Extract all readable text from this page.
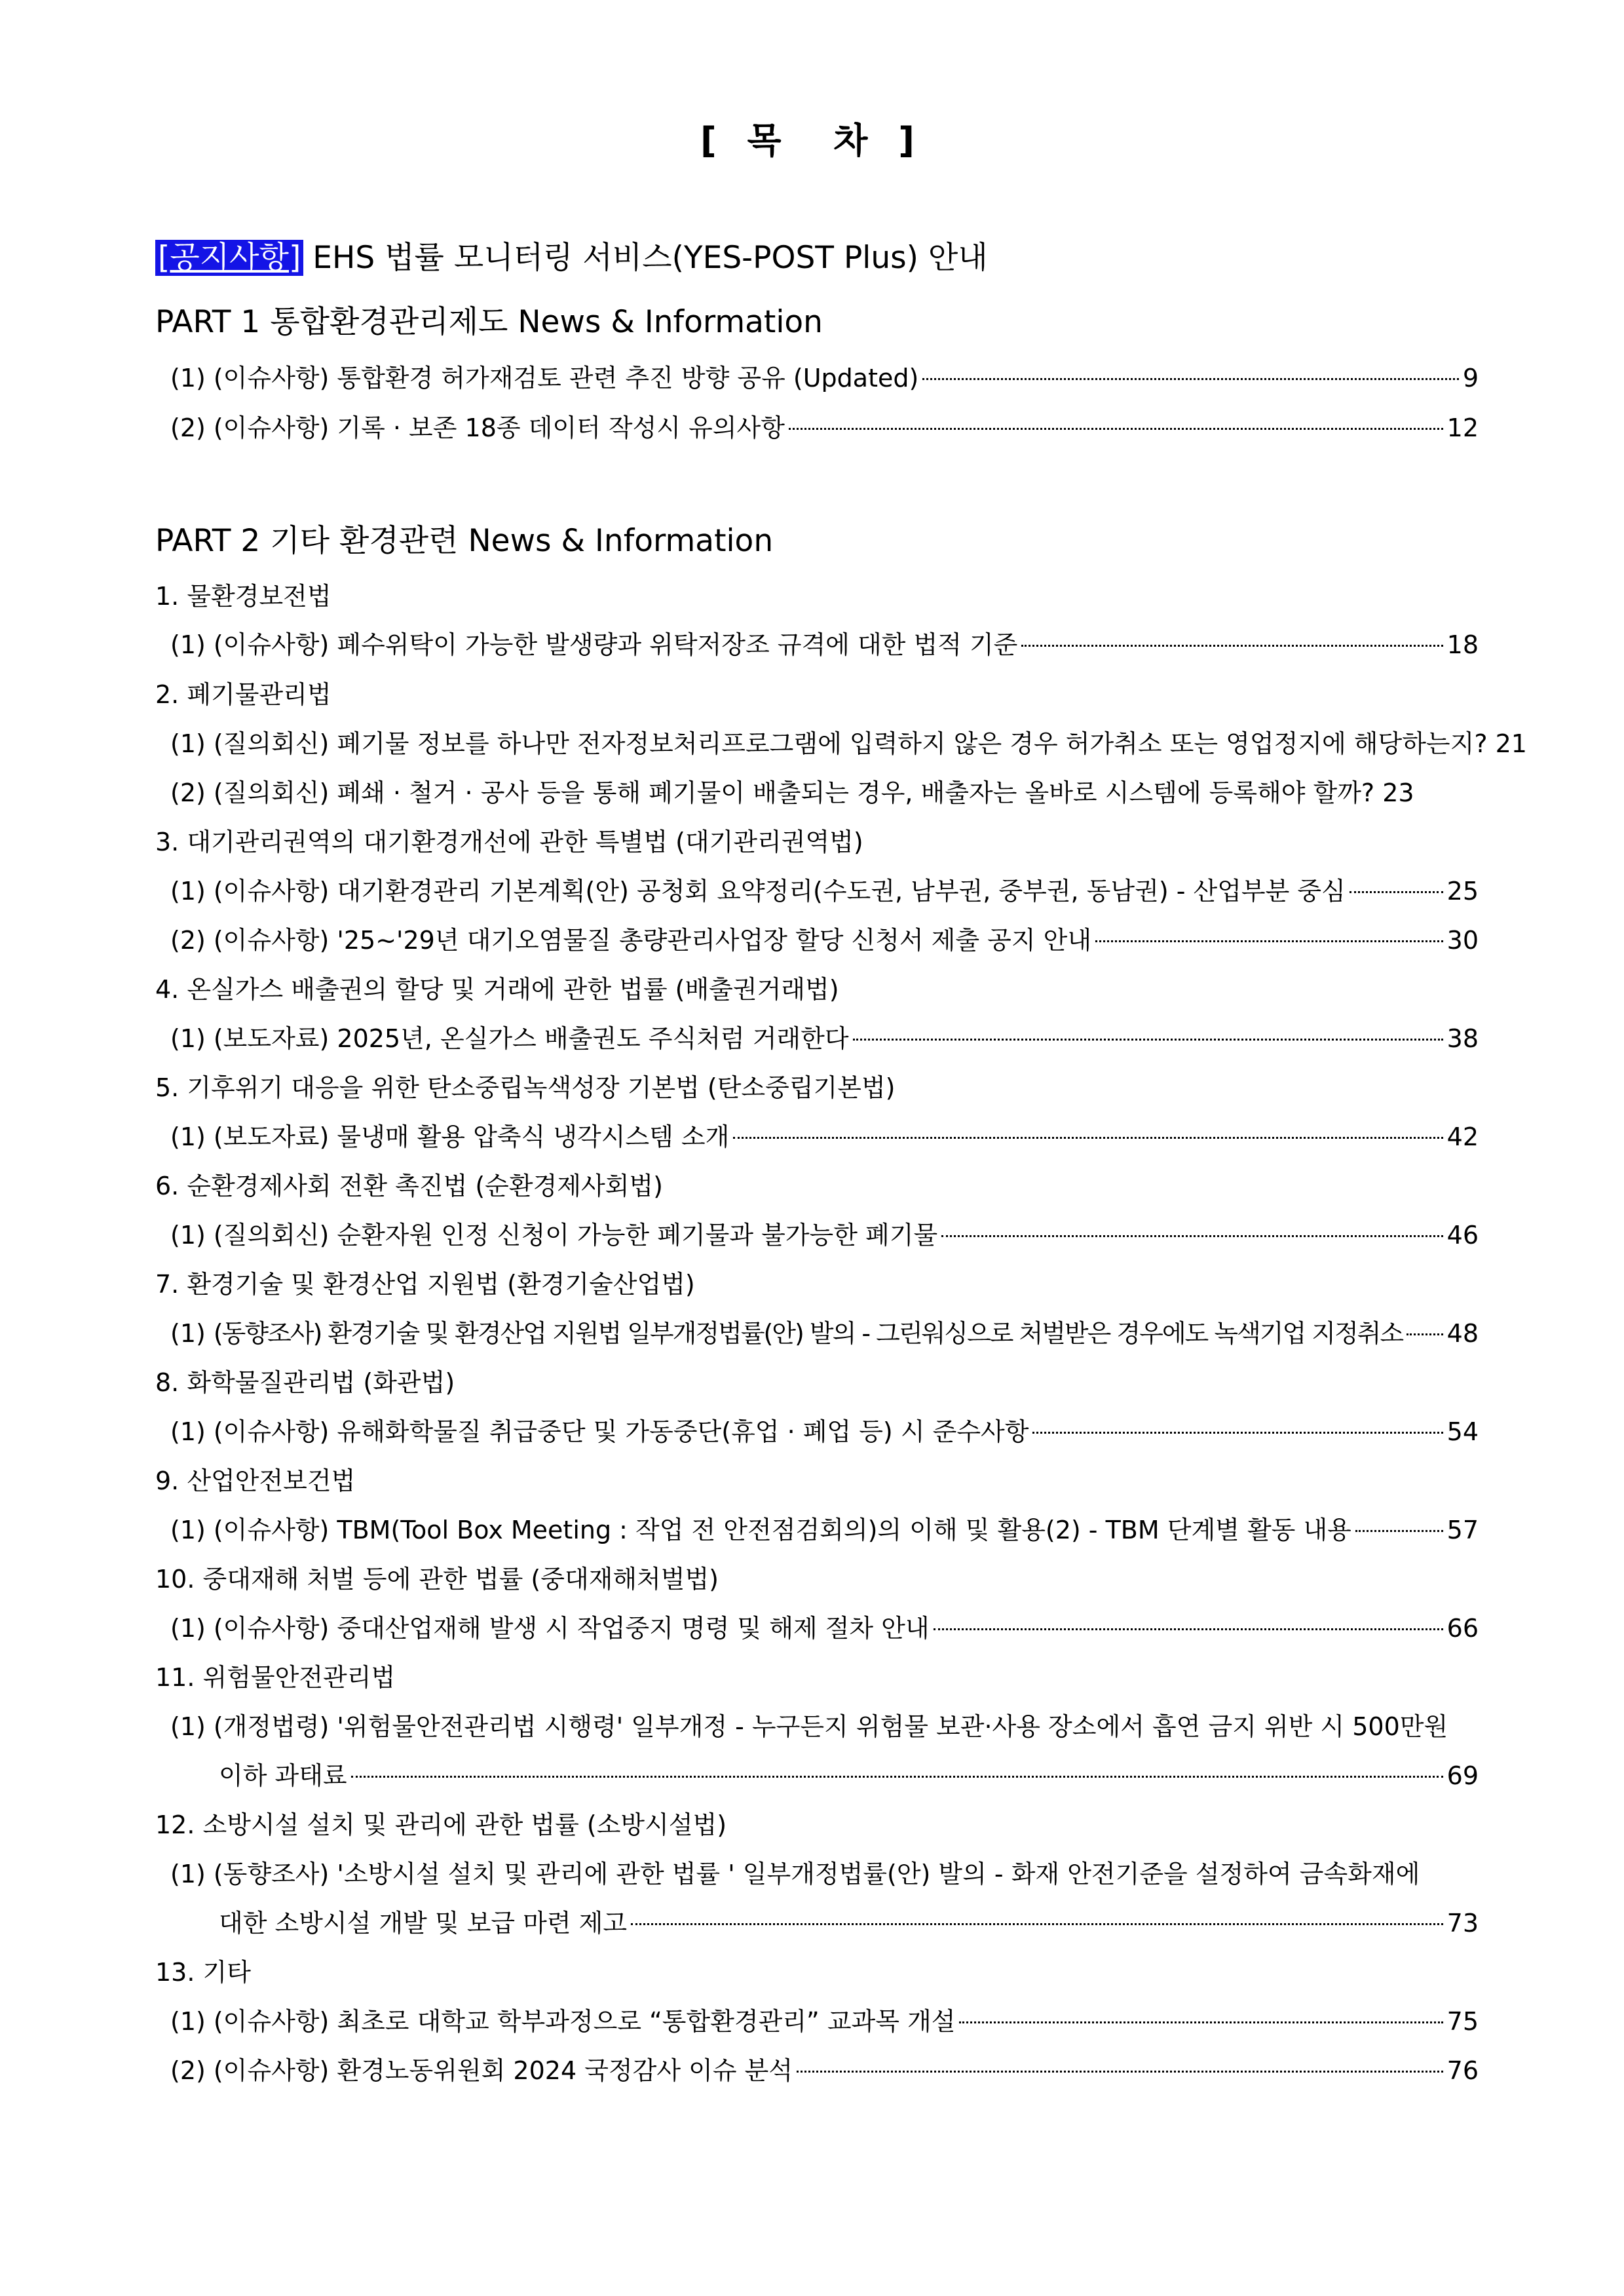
[ 목  차 ]
[공지사항] EHS 법률 모니터링 서비스(YES-POST Plus) 안내
PART 1 통합환경관리제도 News & Information
(1) (이슈사항) 통합환경 허가재검토 관련 추진 방향 공유 (Updated)	9
(2) (이슈사항) 기록 · 보존 18종 데이터 작성시 유의사항	12
PART 2 기타 환경관련 News & Information
1. 물환경보전법
(1) (이슈사항) 폐수위탁이 가능한 발생량과 위탁저장조 규격에 대한 법적 기준	18
2. 폐기물관리법
(1) (질의회신) 폐기물 정보를 하나만 전자정보처리프로그램에 입력하지 않은 경우 허가취소 또는 영업정지에 해당하는지? 21
(2) (질의회신) 폐쇄 · 철거 · 공사 등을 통해 폐기물이 배출되는 경우, 배출자는 올바로 시스템에 등록해야 할까? 23
3. 대기관리권역의 대기환경개선에 관한 특별법 (대기관리권역법)
(1) (이슈사항) 대기환경관리 기본계획(안) 공청회 요약정리(수도권, 남부권, 중부권, 동남권) - 산업부분 중심	25
(2) (이슈사항) '25~'29년 대기오염물질 총량관리사업장 할당 신청서 제출 공지 안내	30
4. 온실가스 배출권의 할당 및 거래에 관한 법률 (배출권거래법)
(1) (보도자료) 2025년, 온실가스 배출권도 주식처럼 거래한다	38
5. 기후위기 대응을 위한 탄소중립녹색성장 기본법 (탄소중립기본법)
(1) (보도자료) 물냉매 활용 압축식 냉각시스템 소개	42
6. 순환경제사회 전환 촉진법 (순환경제사회법)
(1) (질의회신) 순환자원 인정 신청이 가능한 폐기물과 불가능한 폐기물	46
7. 환경기술 및 환경산업 지원법 (환경기술산업법)
(1) (동향조사) 환경기술 및 환경산업 지원법 일부개정법률(안) 발의 - 그린워싱으로 처벌받은 경우에도 녹색기업 지정취소 48
8. 화학물질관리법 (화관법)
(1) (이슈사항) 유해화학물질 취급중단 및 가동중단(휴업 · 폐업 등) 시 준수사항	54
9. 산업안전보건법
(1) (이슈사항) TBM(Tool Box Meeting : 작업 전 안전점검회의)의 이해 및 활용(2) - TBM 단계별 활동 내용	57
10. 중대재해 처벌 등에 관한 법률 (중대재해처벌법)
(1) (이슈사항) 중대산업재해 발생 시 작업중지 명령 및 해제 절차 안내	66
11. 위험물안전관리법
(1) (개정법령) '위험물안전관리법 시행령' 일부개정 - 누구든지 위험물 보관·사용 장소에서 흡연 금지 위반 시 500만원
이하 과태료	69
12. 소방시설 설치 및 관리에 관한 법률 (소방시설법)
(1) (동향조사) '소방시설 설치 및 관리에 관한 법률 ' 일부개정법률(안) 발의 - 화재 안전기준을 설정하여 금속화재에
대한 소방시설 개발 및 보급 마련 제고	73
13. 기타
(1) (이슈사항) 최초로 대학교 학부과정으로 “통합환경관리” 교과목 개설	75
(2) (이슈사항) 환경노동위원회 2024 국정감사 이슈 분석	76
